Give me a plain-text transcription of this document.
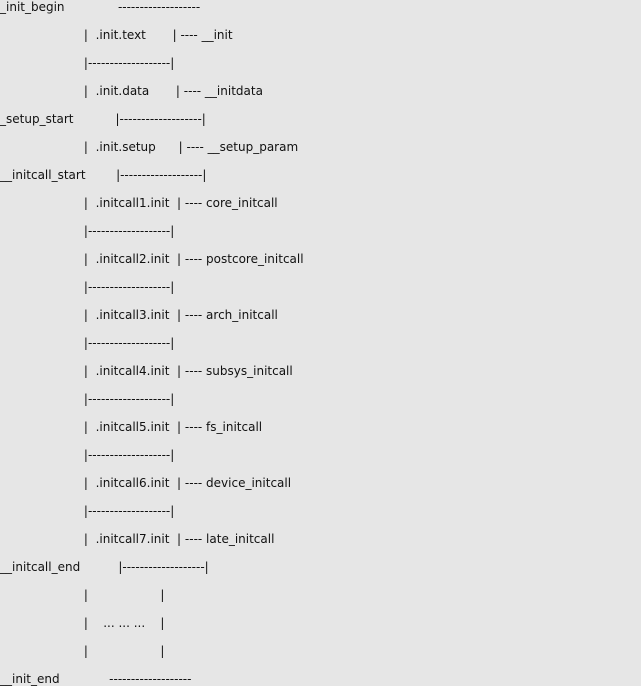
_init_begin              -------------------
|  .init.text       | ---- __init
|-------------------|
|  .init.data       | ---- __initdata
_setup_start           |-------------------|
|  .init.setup      | ---- __setup_param
__initcall_start        |-------------------|
|  .initcall1.init  | ---- core_initcall
|-------------------|
|  .initcall2.init  | ---- postcore_initcall
|-------------------|
|  .initcall3.init  | ---- arch_initcall
|-------------------|
|  .initcall4.init  | ---- subsys_initcall
|-------------------|
|  .initcall5.init  | ---- fs_initcall
|-------------------|
|  .initcall6.init  | ---- device_initcall
|-------------------|
|  .initcall7.init  | ---- late_initcall
__initcall_end          |-------------------|
|                   |
|    ... ... ...    |
|                   |
__init_end             -------------------
